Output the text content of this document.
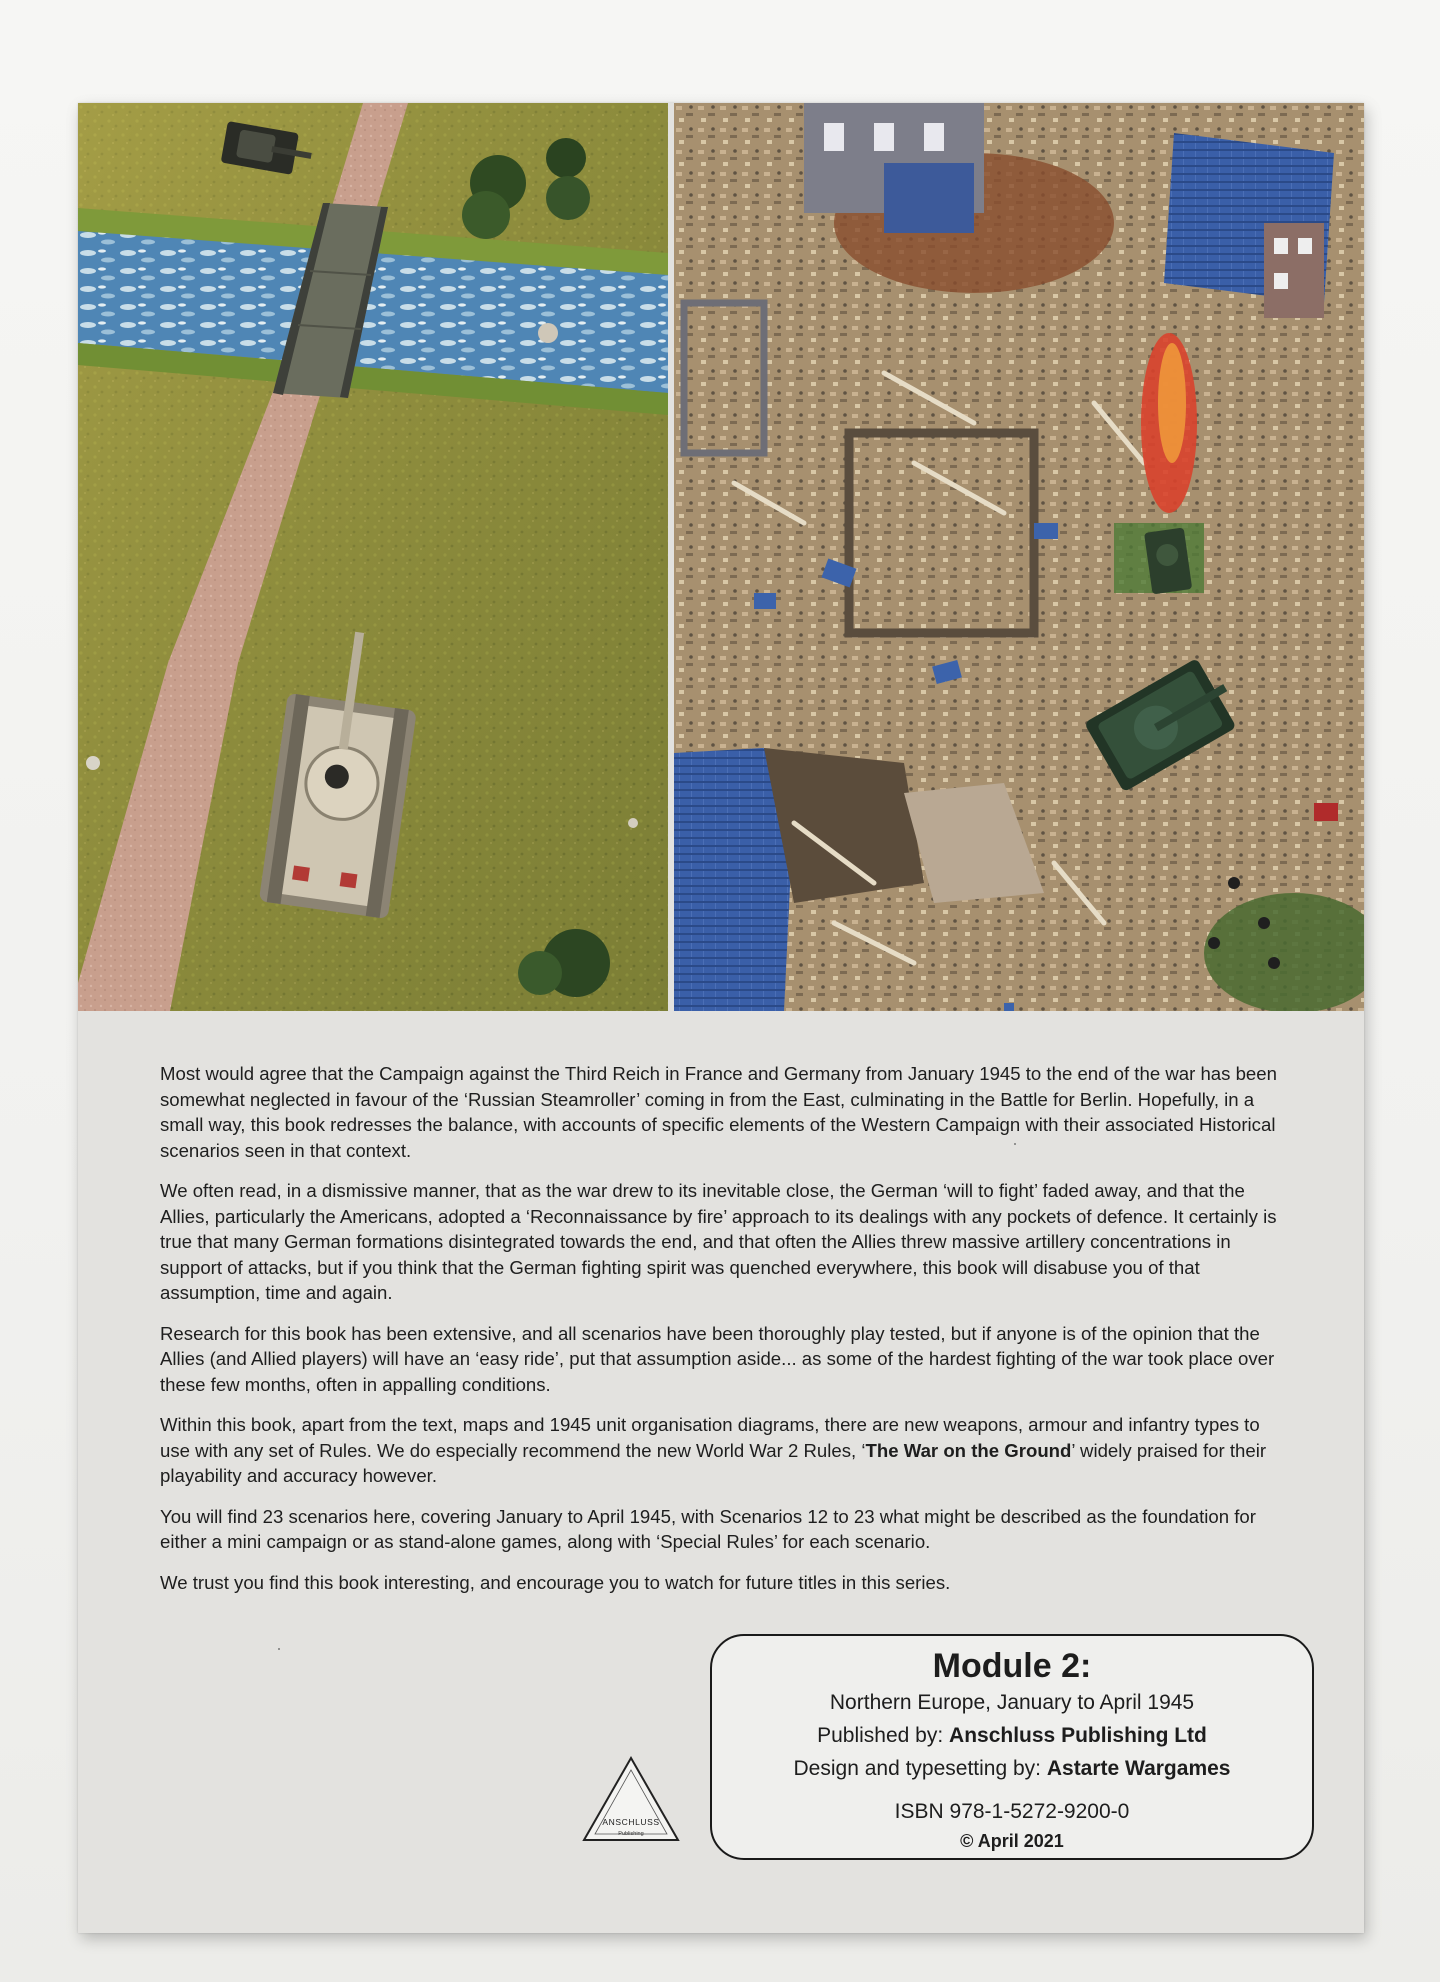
Most would agree that the Campaign against the Third Reich in France and Germany from January 1945 to the end of the war has been somewhat neglected in favour of the ‘Russian Steamroller’ coming in from the East, culminating in the Battle for Berlin. Hopefully, in a small way, this book redresses the balance, with accounts of specific elements of the Western Campaign with their associated Historical scenarios seen in that context.

We often read, in a dismissive manner, that as the war drew to its inevitable close, the German ‘will to fight’ faded away, and that the Allies, particularly the Americans, adopted a ‘Reconnaissance by fire’ approach to its dealings with any pockets of defence. It certainly is true that many German formations disintegrated towards the end, and that often the Allies threw massive artillery concentrations in support of attacks, but if you think that the German fighting spirit was quenched everywhere, this book will disabuse you of that assumption, time and again.

Research for this book has been extensive, and all scenarios have been thoroughly play tested, but if anyone is of the opinion that the Allies (and Allied players) will have an ‘easy ride’, put that assumption aside... as some of the hardest fighting of the war took place over these few months, often in appalling conditions.

Within this book, apart from the text, maps and 1945 unit organisation diagrams, there are new weapons, armour and infantry types to use with any set of Rules. We do especially recommend the new World War 2 Rules, ‘The War on the Ground’ widely praised for their playability and accuracy however.

You will find 23 scenarios here, covering January to April 1945, with Scenarios 12 to 23 what might be described as the foundation for either a mini campaign or as stand-alone games, along with ‘Special Rules’ for each scenario.

We trust you find this book interesting, and encourage you to watch for future titles in this series.

ANSCHLUSS
Publishing
Module 2:
Northern Europe, January to April 1945
Published by: Anschluss Publishing Ltd
Design and typesetting by: Astarte Wargames
ISBN 978-1-5272-9200-0
© April 2021
